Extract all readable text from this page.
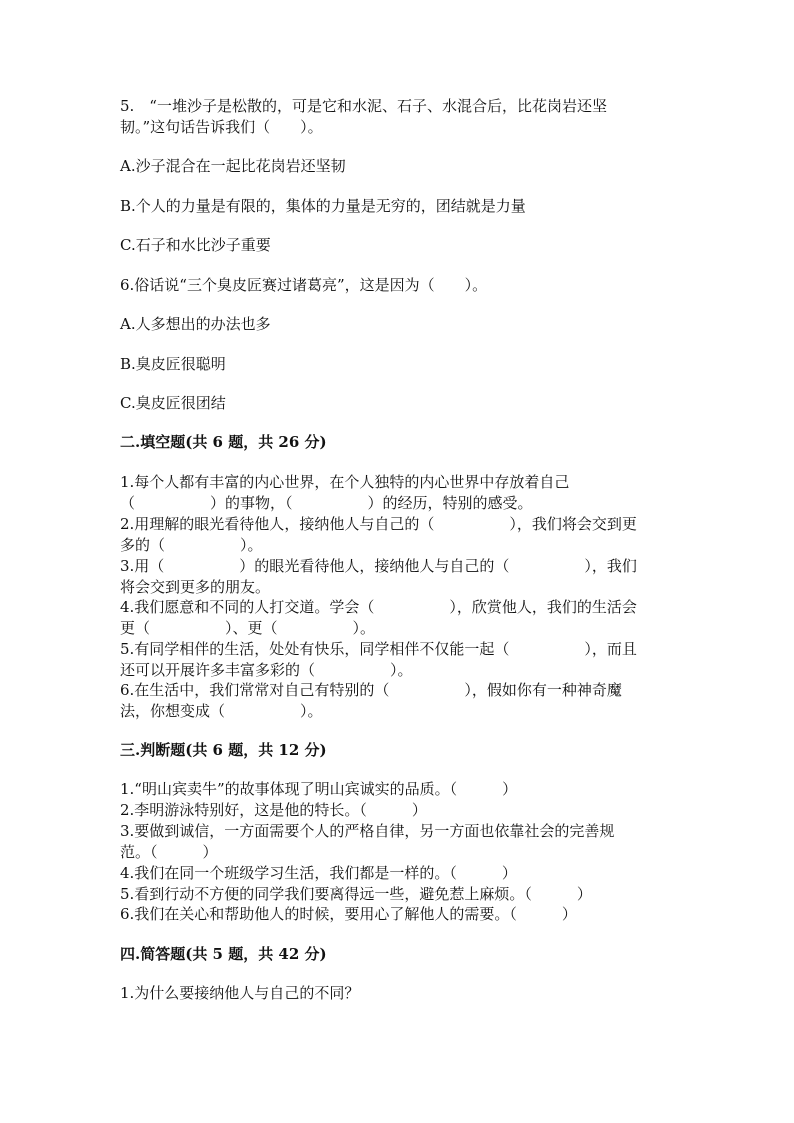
5.　“一堆沙子是松散的，可是它和水泥、石子、水混合后，比花岗岩还坚
韧。”这句话告诉我们（　　）。
A.沙子混合在一起比花岗岩还坚韧
B.个人的力量是有限的，集体的力量是无穷的，团结就是力量
C.石子和水比沙子重要
6.俗话说“三个臭皮匠赛过诸葛亮”，这是因为（　　）。
A.人多想出的办法也多
B.臭皮匠很聪明
C.臭皮匠很团结
二.填空题(共 6 题，共 26 分)
1.每个人都有丰富的内心世界，在个人独特的内心世界中存放着自己
（　　　　　）的事物，（　　　　　）的经历，特别的感受。
2.用理解的眼光看待他人，接纳他人与自己的（　　　　　），我们将会交到更
多的（　　　　　）。
3.用（　　　　　）的眼光看待他人，接纳他人与自己的（　　　　　），我们
将会交到更多的朋友。
4.我们愿意和不同的人打交道。学会（　　　　　），欣赏他人，我们的生活会
更（　　　　　）、更（　　　　　）。
5.有同学相伴的生活，处处有快乐，同学相伴不仅能一起（　　　　　），而且
还可以开展许多丰富多彩的（　　　　　）。
6.在生活中，我们常常对自己有特别的（　　　　　），假如你有一种神奇魔
法，你想变成（　　　　　）。
三.判断题(共 6 题，共 12 分)
1.“明山宾卖牛”的故事体现了明山宾诚实的品质。（　　　）
2.李明游泳特别好，这是他的特长。（　　　）
3.要做到诚信，一方面需要个人的严格自律，另一方面也依靠社会的完善规
范。（　　　）
4.我们在同一个班级学习生活，我们都是一样的。（　　　）
5.看到行动不方便的同学我们要离得远一些，避免惹上麻烦。（　　　）
6.我们在关心和帮助他人的时候，要用心了解他人的需要。（　　　）
四.简答题(共 5 题，共 42 分)
1.为什么要接纳他人与自己的不同？
